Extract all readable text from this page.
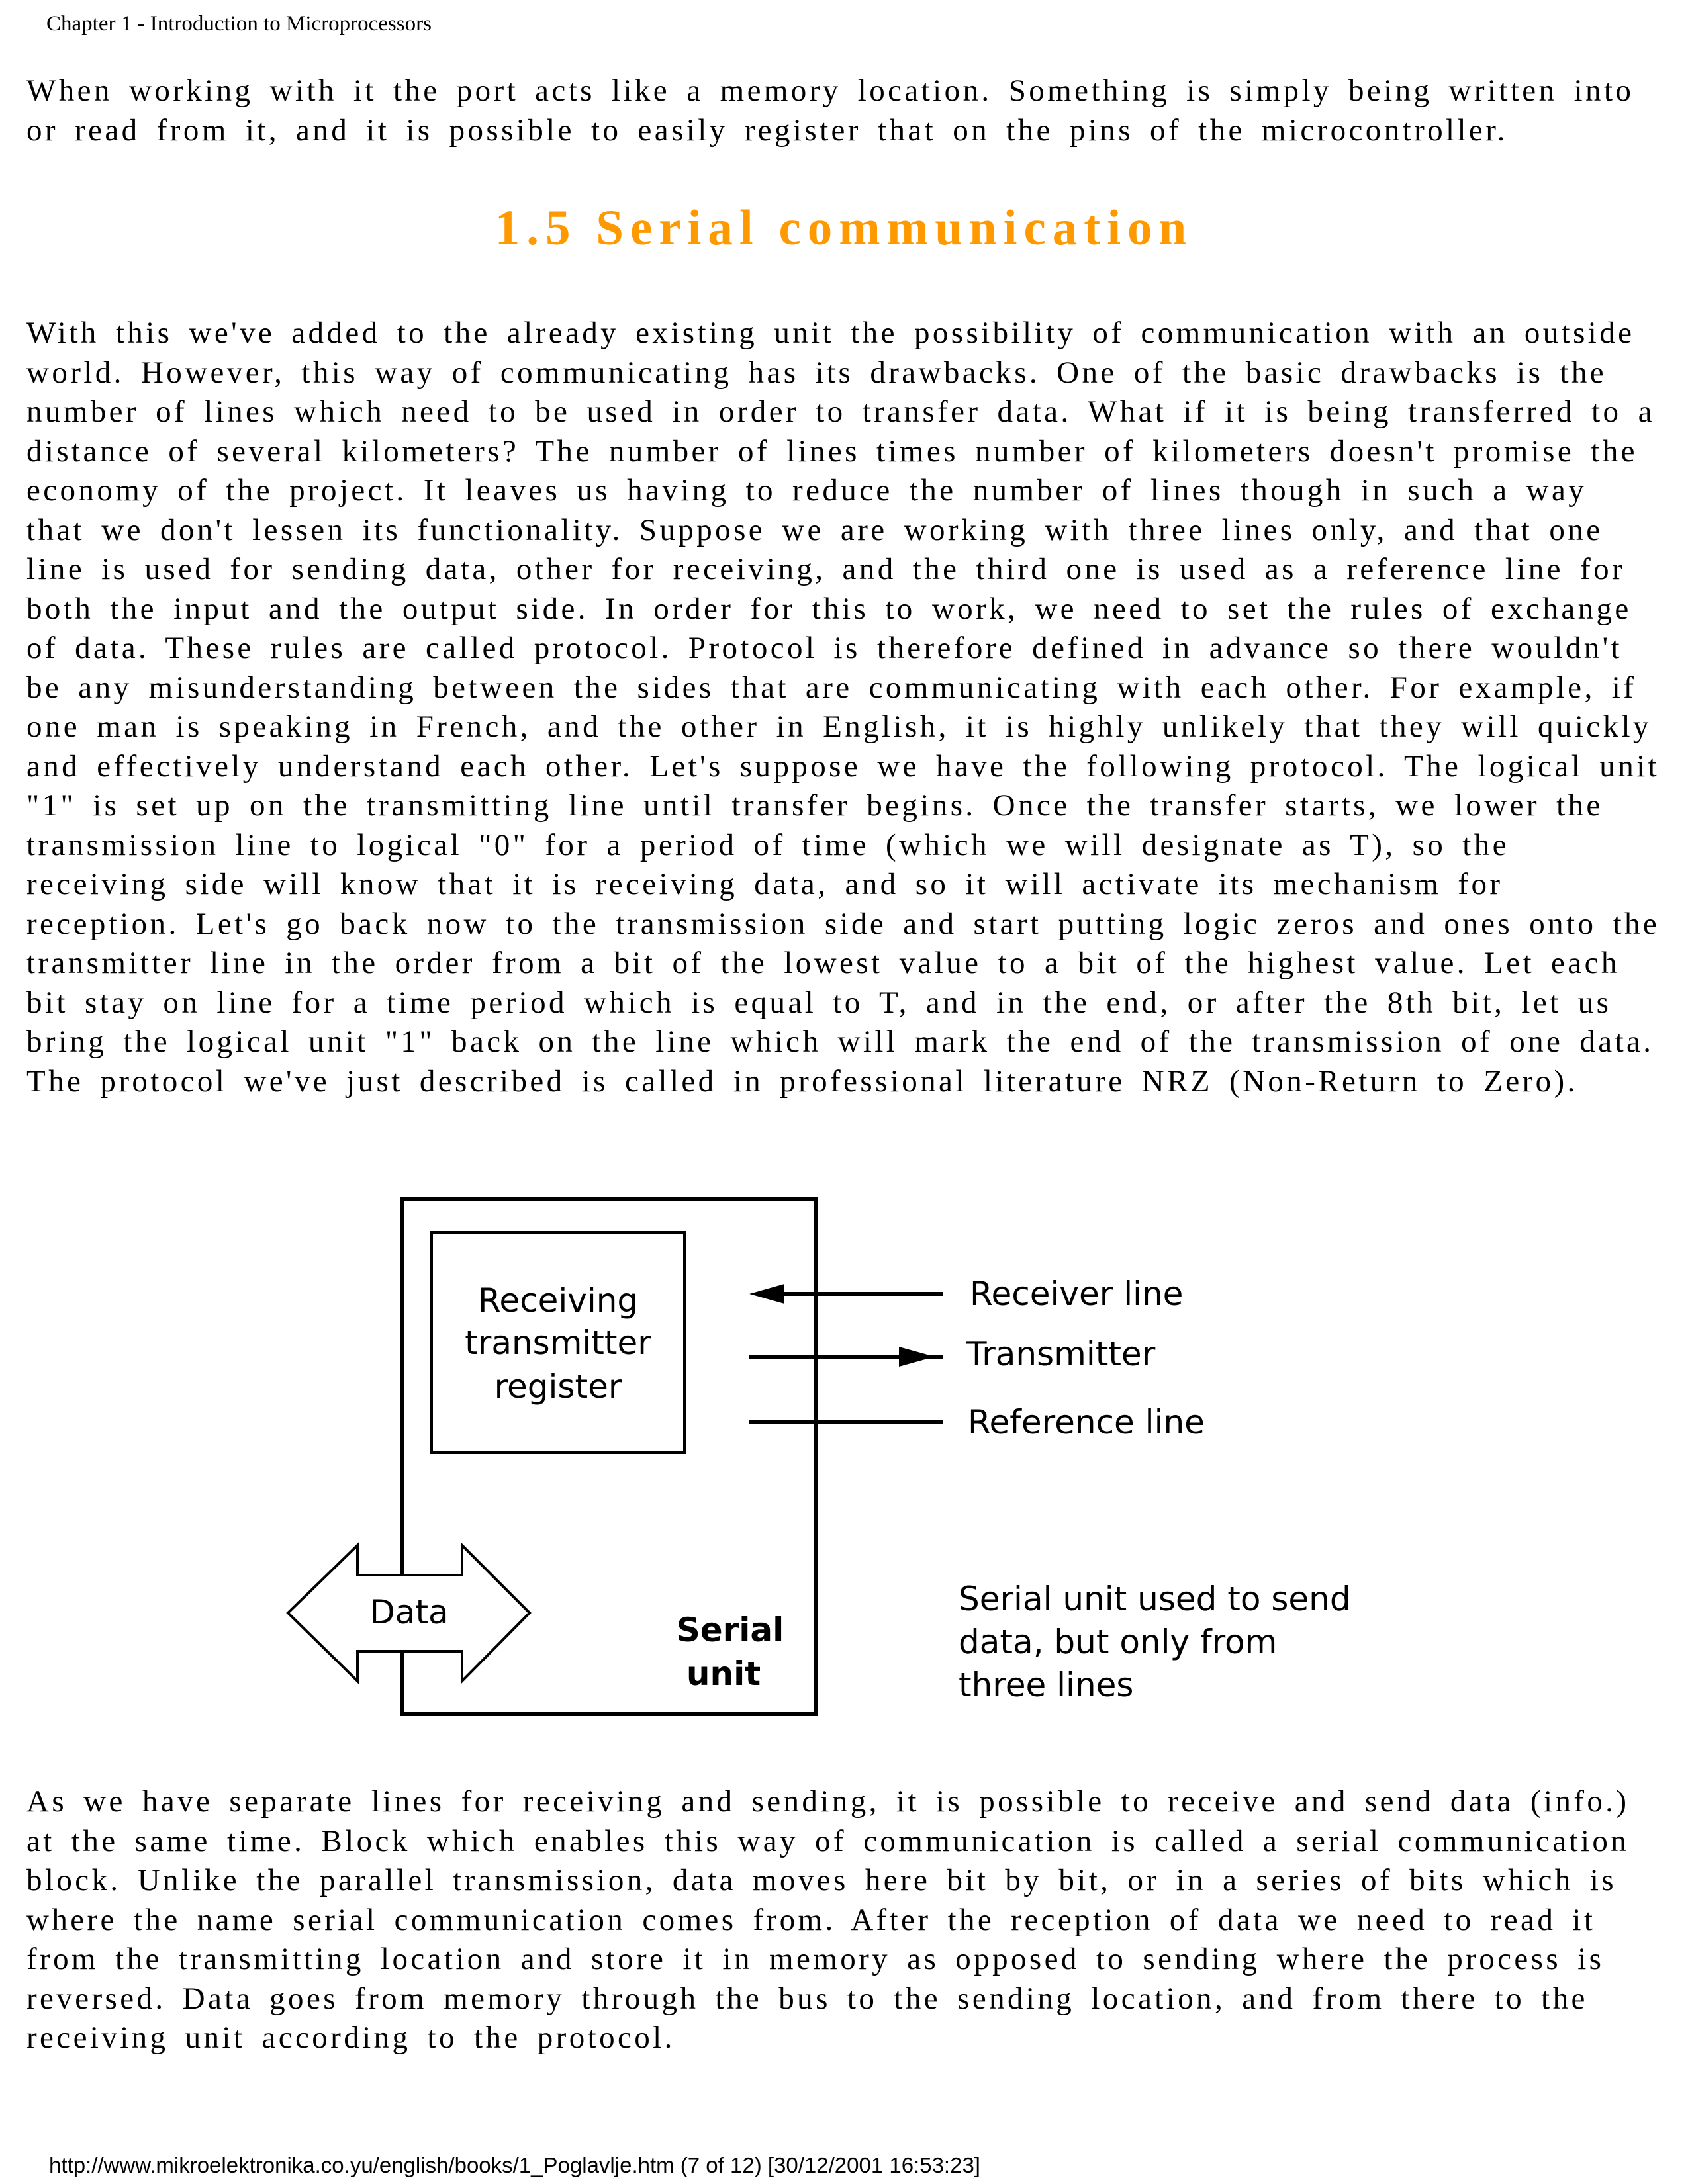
Chapter 1 - Introduction to Microprocessors
When working with it the port acts like a memory location. Something is simply being written into or read from it, and it is possible to easily register that on the pins of the microcontroller.
1.5 Serial communication
With this we've added to the already existing unit the possibility of communication with an outside world. However, this way of communicating has its drawbacks. One of the basic drawbacks is the number of lines which need to be used in order to transfer data. What if it is being transferred to a distance of several kilometers? The number of lines times number of kilometers doesn't promise the economy of the project. It leaves us having to reduce the number of lines though in such a way that we don't lessen its functionality. Suppose we are working with three lines only, and that one line is used for sending data, other for receiving, and the third one is used as a reference line for both the input and the output side. In order for this to work, we need to set the rules of exchange of data. These rules are called protocol. Protocol is therefore defined in advance so there wouldn't be any misunderstanding between the sides that are communicating with each other. For example, if one man is speaking in French, and the other in English, it is highly unlikely that they will quickly and effectively understand each other. Let's suppose we have the following protocol. The logical unit "1" is set up on the transmitting line until transfer begins. Once the transfer starts, we lower the transmission line to logical "0" for a period of time (which we will designate as T), so the receiving side will know that it is receiving data, and so it will activate its mechanism for reception. Let's go back now to the transmission side and start putting logic zeros and ones onto the transmitter line in the order from a bit of the lowest value to a bit of the highest value. Let each bit stay on line for a time period which is equal to T, and in the end, or after the 8th bit, let us bring the logical unit "1" back on the line which will mark the end of the transmission of one data. The protocol we've just described is called in professional literature NRZ (Non-Return to Zero).
Receiving
transmitter
register
Receiver line
Transmitter
Reference line
Data	Serial
unit
Serial unit used to send
data, but only from
three lines
As we have separate lines for receiving and sending, it is possible to receive and send data (info.) at the same time. Block which enables this way of communication is called a serial communication block. Unlike the parallel transmission, data moves here bit by bit, or in a series of bits which is where the name serial communication comes from. After the reception of data we need to read it from the transmitting location and store it in memory as opposed to sending where the process is reversed. Data goes from memory through the bus to the sending location, and from there to the receiving unit according to the protocol.
http://www.mikroelektronika.co.yu/english/books/1_Poglavlje.htm (7 of 12) [30/12/2001 16:53:23]
